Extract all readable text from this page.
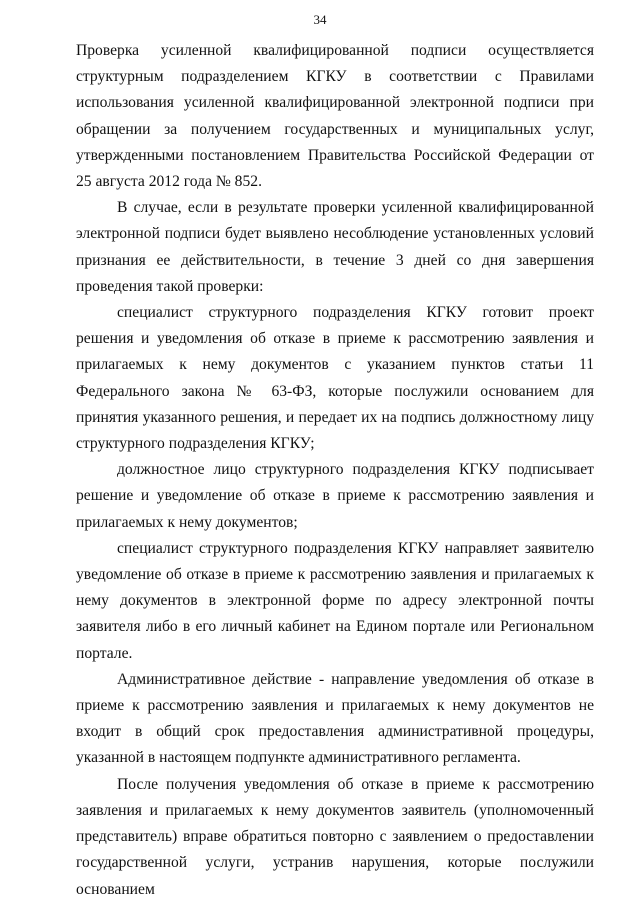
34

Проверка усиленной квалифицированной подписи осуществляется структурным подразделением КГКУ в соответствии с Правилами использования усиленной квалифицированной электронной подписи при обращении за получением государственных и муниципальных услуг, утвержденными постановлением Правительства Российской Федерации от 25 августа 2012 года № 852.

В случае, если в результате проверки усиленной квалифицированной электронной подписи будет выявлено несоблюдение установленных условий признания ее действительности, в течение 3 дней со дня завершения проведения такой проверки:

специалист структурного подразделения КГКУ готовит проект решения и уведомления об отказе в приеме к рассмотрению заявления и прилагаемых к нему документов с указанием пунктов статьи 11 Федерального закона № 63-ФЗ, которые послужили основанием для принятия указанного решения, и передает их на подпись должностному лицу структурного подразделения КГКУ;

должностное лицо структурного подразделения КГКУ подписывает решение и уведомление об отказе в приеме к рассмотрению заявления и прилагаемых к нему документов;

специалист структурного подразделения КГКУ направляет заявителю уведомление об отказе в приеме к рассмотрению заявления и прилагаемых к нему документов в электронной форме по адресу электронной почты заявителя либо в его личный кабинет на Едином портале или Региональном портале.

Административное действие - направление уведомления об отказе в приеме к рассмотрению заявления и прилагаемых к нему документов не входит в общий срок предоставления административной процедуры, указанной в настоящем подпункте административного регламента.

После получения уведомления об отказе в приеме к рассмотрению заявления и прилагаемых к нему документов заявитель (уполномоченный представитель) вправе обратиться повторно с заявлением о предоставлении государственной услуги, устранив нарушения, которые послужили основанием
